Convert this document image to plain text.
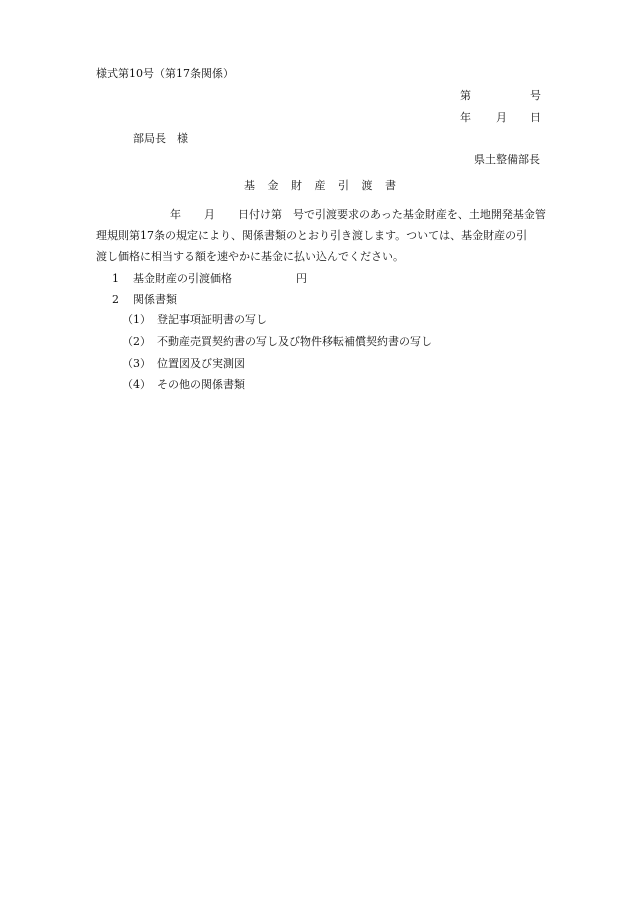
様式第10号（第17条関係）
第	号
年 月 日
部局長　様
県土整備部長
基金財産引渡書
年 月 日付け第　号で引渡要求のあった基金財産を、土地開発基金管
理規則第17条の規定により、関係書類のとおり引き渡します。ついては、基金財産の引
渡し価格に相当する額を速やかに基金に払い込んでください。
1 基金財産の引渡価格	円
2 関係書類
（1） 登記事項証明書の写し
（2） 不動産売買契約書の写し及び物件移転補償契約書の写し
（3） 位置図及び実測図
（4） その他の関係書類
